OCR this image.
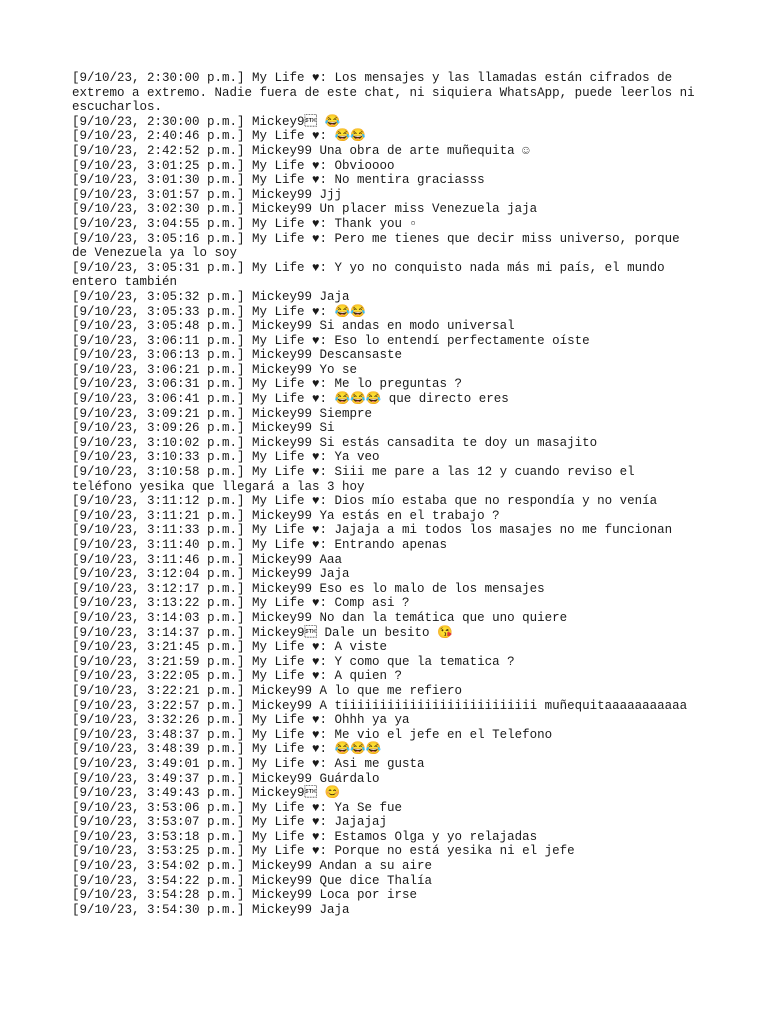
[9/10/23, 2:30:00 p.m.] My Life ♥: Los mensajes y las llamadas están cifrados de extremo a extremo. Nadie fuera de este chat, ni siquiera WhatsApp, puede leerlos ni escucharlos.
[9/10/23, 2:30:00 p.m.] Mickey9 😂
[9/10/23, 2:40:46 p.m.] My Life ♥: 😂😂
[9/10/23, 2:42:52 p.m.] Mickey99 Una obra de arte muñequita ☺
[9/10/23, 3:01:25 p.m.] My Life ♥: Obvioooo
[9/10/23, 3:01:30 p.m.] My Life ♥: No mentira graciasss
[9/10/23, 3:01:57 p.m.] Mickey99 Jjj
[9/10/23, 3:02:30 p.m.] Mickey99 Un placer miss Venezuela jaja
[9/10/23, 3:04:55 p.m.] My Life ♥: Thank you ▫
[9/10/23, 3:05:16 p.m.] My Life ♥: Pero me tienes que decir miss universo, porque de Venezuela ya lo soy
[9/10/23, 3:05:31 p.m.] My Life ♥: Y yo no conquisto nada más mi país, el mundo entero también
[9/10/23, 3:05:32 p.m.] Mickey99 Jaja
[9/10/23, 3:05:33 p.m.] My Life ♥: 😂😂
[9/10/23, 3:05:48 p.m.] Mickey99 Si andas en modo universal
[9/10/23, 3:06:11 p.m.] My Life ♥: Eso lo entendí perfectamente oíste
[9/10/23, 3:06:13 p.m.] Mickey99 Descansaste
[9/10/23, 3:06:21 p.m.] Mickey99 Yo se
[9/10/23, 3:06:31 p.m.] My Life ♥: Me lo preguntas ?
[9/10/23, 3:06:41 p.m.] My Life ♥: 😂😂😂 que directo eres
[9/10/23, 3:09:21 p.m.] Mickey99 Siempre
[9/10/23, 3:09:26 p.m.] Mickey99 Si
[9/10/23, 3:10:02 p.m.] Mickey99 Si estás cansadita te doy un masajito
[9/10/23, 3:10:33 p.m.] My Life ♥: Ya veo
[9/10/23, 3:10:58 p.m.] My Life ♥: Siii me pare a las 12 y cuando reviso el teléfono yesika que llegará a las 3 hoy
[9/10/23, 3:11:12 p.m.] My Life ♥: Dios mío estaba que no respondía y no venía
[9/10/23, 3:11:21 p.m.] Mickey99 Ya estás en el trabajo ?
[9/10/23, 3:11:33 p.m.] My Life ♥: Jajaja a mi todos los masajes no me funcionan
[9/10/23, 3:11:40 p.m.] My Life ♥: Entrando apenas
[9/10/23, 3:11:46 p.m.] Mickey99 Aaa
[9/10/23, 3:12:04 p.m.] Mickey99 Jaja
[9/10/23, 3:12:17 p.m.] Mickey99 Eso es lo malo de los mensajes
[9/10/23, 3:13:22 p.m.] My Life ♥: Comp asi ?
[9/10/23, 3:14:03 p.m.] Mickey99 No dan la temática que uno quiere
[9/10/23, 3:14:37 p.m.] Mickey9 Dale un besito 😘
[9/10/23, 3:21:45 p.m.] My Life ♥: A viste
[9/10/23, 3:21:59 p.m.] My Life ♥: Y como que la tematica ?
[9/10/23, 3:22:05 p.m.] My Life ♥: A quien ?
[9/10/23, 3:22:21 p.m.] Mickey99 A lo que me refiero
[9/10/23, 3:22:57 p.m.] Mickey99 A tiiiiiiiiiiiiiiiiiiiiiiiiii muñequitaaaaaaaaaaa
[9/10/23, 3:32:26 p.m.] My Life ♥: Ohhh ya ya
[9/10/23, 3:48:37 p.m.] My Life ♥: Me vio el jefe en el Telefono
[9/10/23, 3:48:39 p.m.] My Life ♥: 😂😂😂
[9/10/23, 3:49:01 p.m.] My Life ♥: Asi me gusta
[9/10/23, 3:49:37 p.m.] Mickey99 Guárdalo
[9/10/23, 3:49:43 p.m.] Mickey9 😊
[9/10/23, 3:53:06 p.m.] My Life ♥: Ya Se fue
[9/10/23, 3:53:07 p.m.] My Life ♥: Jajajaj
[9/10/23, 3:53:18 p.m.] My Life ♥: Estamos Olga y yo relajadas
[9/10/23, 3:53:25 p.m.] My Life ♥: Porque no está yesika ni el jefe
[9/10/23, 3:54:02 p.m.] Mickey99 Andan a su aire
[9/10/23, 3:54:22 p.m.] Mickey99 Que dice Thalía
[9/10/23, 3:54:28 p.m.] Mickey99 Loca por irse
[9/10/23, 3:54:30 p.m.] Mickey99 Jaja
